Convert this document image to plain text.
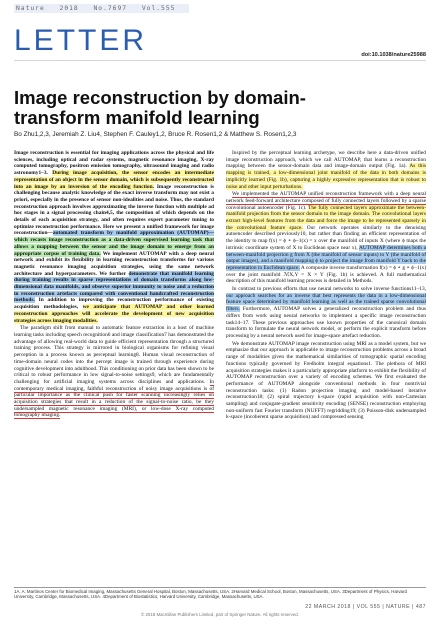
Nature 2018 No.7697 Vol.555
LETTER	doi:10.1038/nature25988
Image reconstruction by domain-transform manifold learning
Bo Zhu1,2,3, Jeremiah Z. Liu4, Stephen F. Cauley1,2, Bruce R. Rosen1,2 & Matthew S. Rosen1,2,3

Image reconstruction is essential for imaging applications across the physical and life sciences, including optical and radar systems, magnetic resonance imaging, X-ray computed tomography, positron emission tomography, ultrasound imaging and radio astronomy1–3. During image acquisition, the sensor encodes an intermediate representation of an object in the sensor domain, which is subsequently reconstructed into an image by an inversion of the encoding function. Image reconstruction is challenging because analytic knowledge of the exact inverse transform may not exist a priori, especially in the presence of sensor non-idealities and noise. Thus, the standard reconstruction approach involves approximating the inverse function with multiple ad hoc stages in a signal processing chain4,5, the composition of which depends on the details of each acquisition strategy, and often requires expert parameter tuning to optimize reconstruction performance. Here we present a unified framework for image reconstruction—automated transform by manifold approximation (AUTOMAP)—which recasts image reconstruction as a data-driven supervised learning task that allows a mapping between the sensor and the image domain to emerge from an appropriate corpus of training data. We implement AUTOMAP with a deep neural network and exhibit its flexibility in learning reconstruction transforms for various magnetic resonance imaging acquisition strategies, using the same network architecture and hyperparameters. We further demonstrate that manifold learning during training results in sparse representations of domain transforms along low-dimensional data manifolds, and observe superior immunity to noise and a reduction in reconstruction artefacts compared with conventional handcrafted reconstruction methods. In addition to improving the reconstruction performance of existing acquisition methodologies, we anticipate that AUTOMAP and other learned reconstruction approaches will accelerate the development of new acquisition strategies across imaging modalities.

The paradigm shift from manual to automatic feature extraction in a host of machine learning tasks including speech recognition6 and image classification7 has demonstrated the advantage of allowing real-world data to guide efficient representation through a structured training process. This strategy is mirrored in biological organisms for refining visual perception in a process known as perceptual learning8. Human visual reconstruction of time-domain neural codes into the percept image is trained through experience during cognitive development into adulthood. This conditioning on prior data has been shown to be critical to robust performance in low signal-to-noise settings9, which are fundamentally challenging for artificial imaging systems across disciplines and applications. In contemporary medical imaging, faithful reconstruction of noisy image acquisitions is of particular importance as the clinical push for faster scanning increasingly relies on acquisition strategies that result in a reduction of the signal-to-noise ratio, be they undersampled magnetic resonance imaging (MRI), or low-dose X-ray computed tomography imaging.

Inspired by the perceptual learning archetype, we describe here a data-driven unified image reconstruction approach, which we call AUTOMAP, that learns a reconstruction mapping between the sensor-domain data and image-domain output (Fig. 1a). As this mapping is trained, a low-dimensional joint manifold of the data in both domains is implicitly learned (Fig. 1b), capturing a highly expressive representation that is robust to noise and other input perturbations.

We implemented the AUTOMAP unified reconstruction framework with a deep neural network feed-forward architecture composed of fully connected layers followed by a sparse convolutional autoencoder (Fig. 1c). The fully connected layers approximate the between-manifold projection from the sensor domain to the image domain. The convolutional layers extract high-level features from the data and force the image to be represented sparsely in the convolutional feature space. Our network operates similarly to the denoising autoencoder described previously10, but rather than finding an efficient representation of the identity to map f(x) = ϕ ∘ ϕ−1(x) = x over the manifold of inputs X (where ϕ maps the intrinsic coordinate system of X to Euclidean space near x), AUTOMAP determines both a between-manifold projection g from X (the manifold of sensor inputs) to Y (the manifold of output images), and a manifold mapping ϕ to project the image from manifold Y back to the representation in Euclidean space. A composite inverse transformation f(x) = ϕ ∘ g ∘ ϕ−1(x) over the joint manifold ℳX,Y = X × Y (Fig. 1b) is achieved. A full mathematical description of this manifold learning process is detailed in Methods.

In contrast to previous efforts that use neural networks to solve inverse functions11–13, our approach searches for an inverse that best represents the data in a low-dimensional feature space determined by manifold learning as well as the trained sparse convolutional filters. Furthermore, AUTOMAP solves a generalized reconstruction problem and thus differs from work using neural networks to implement a specific image reconstruction task14–17. These previous approaches use known properties of the canonical domain transform to formulate the neural network model, or perform the explicit transform before processing by a neural network used for image-space artefact reduction.

We demonstrate AUTOMAP image reconstruction using MRI as a model system, but we emphasize that our approach is applicable to image reconstruction problems across a broad range of modalities given the mathematical similarities of tomographic spatial encoding functions typically governed by Fredholm integral equations1. The plethora of MRI acquisition strategies makes it a particularly appropriate platform to exhibit the flexibility of AUTOMAP reconstruction over a variety of encoding schemes. We first evaluated the performance of AUTOMAP alongside conventional methods in four nontrivial reconstruction tasks: (1) Radon projection imaging and model-based iterative reconstruction18; (2) spiral trajectory k-space (rapid acquisition with non-Cartesian sampling) and conjugate-gradient sensitivity encoding (SENSE) reconstruction employing non-uniform fast Fourier transform (NUFFT) regridding19; (3) Poisson-disk undersampled k-space (incoherent sparse acquisition) and compressed sensing

1A. A. Martinos Center for Biomedical Imaging, Massachusetts General Hospital, Boston, Massachusetts, USA. 2Harvard Medical School, Boston, Massachusetts, USA. 3Department of Physics, Harvard University, Cambridge, Massachusetts, USA. 4Department of Biostatistics, Harvard University, Cambridge, Massachusetts, USA.
22 MARCH 2018 | VOL 555 | NATURE | 487
© 2018 Macmillan Publishers Limited, part of Springer Nature. All rights reserved.
